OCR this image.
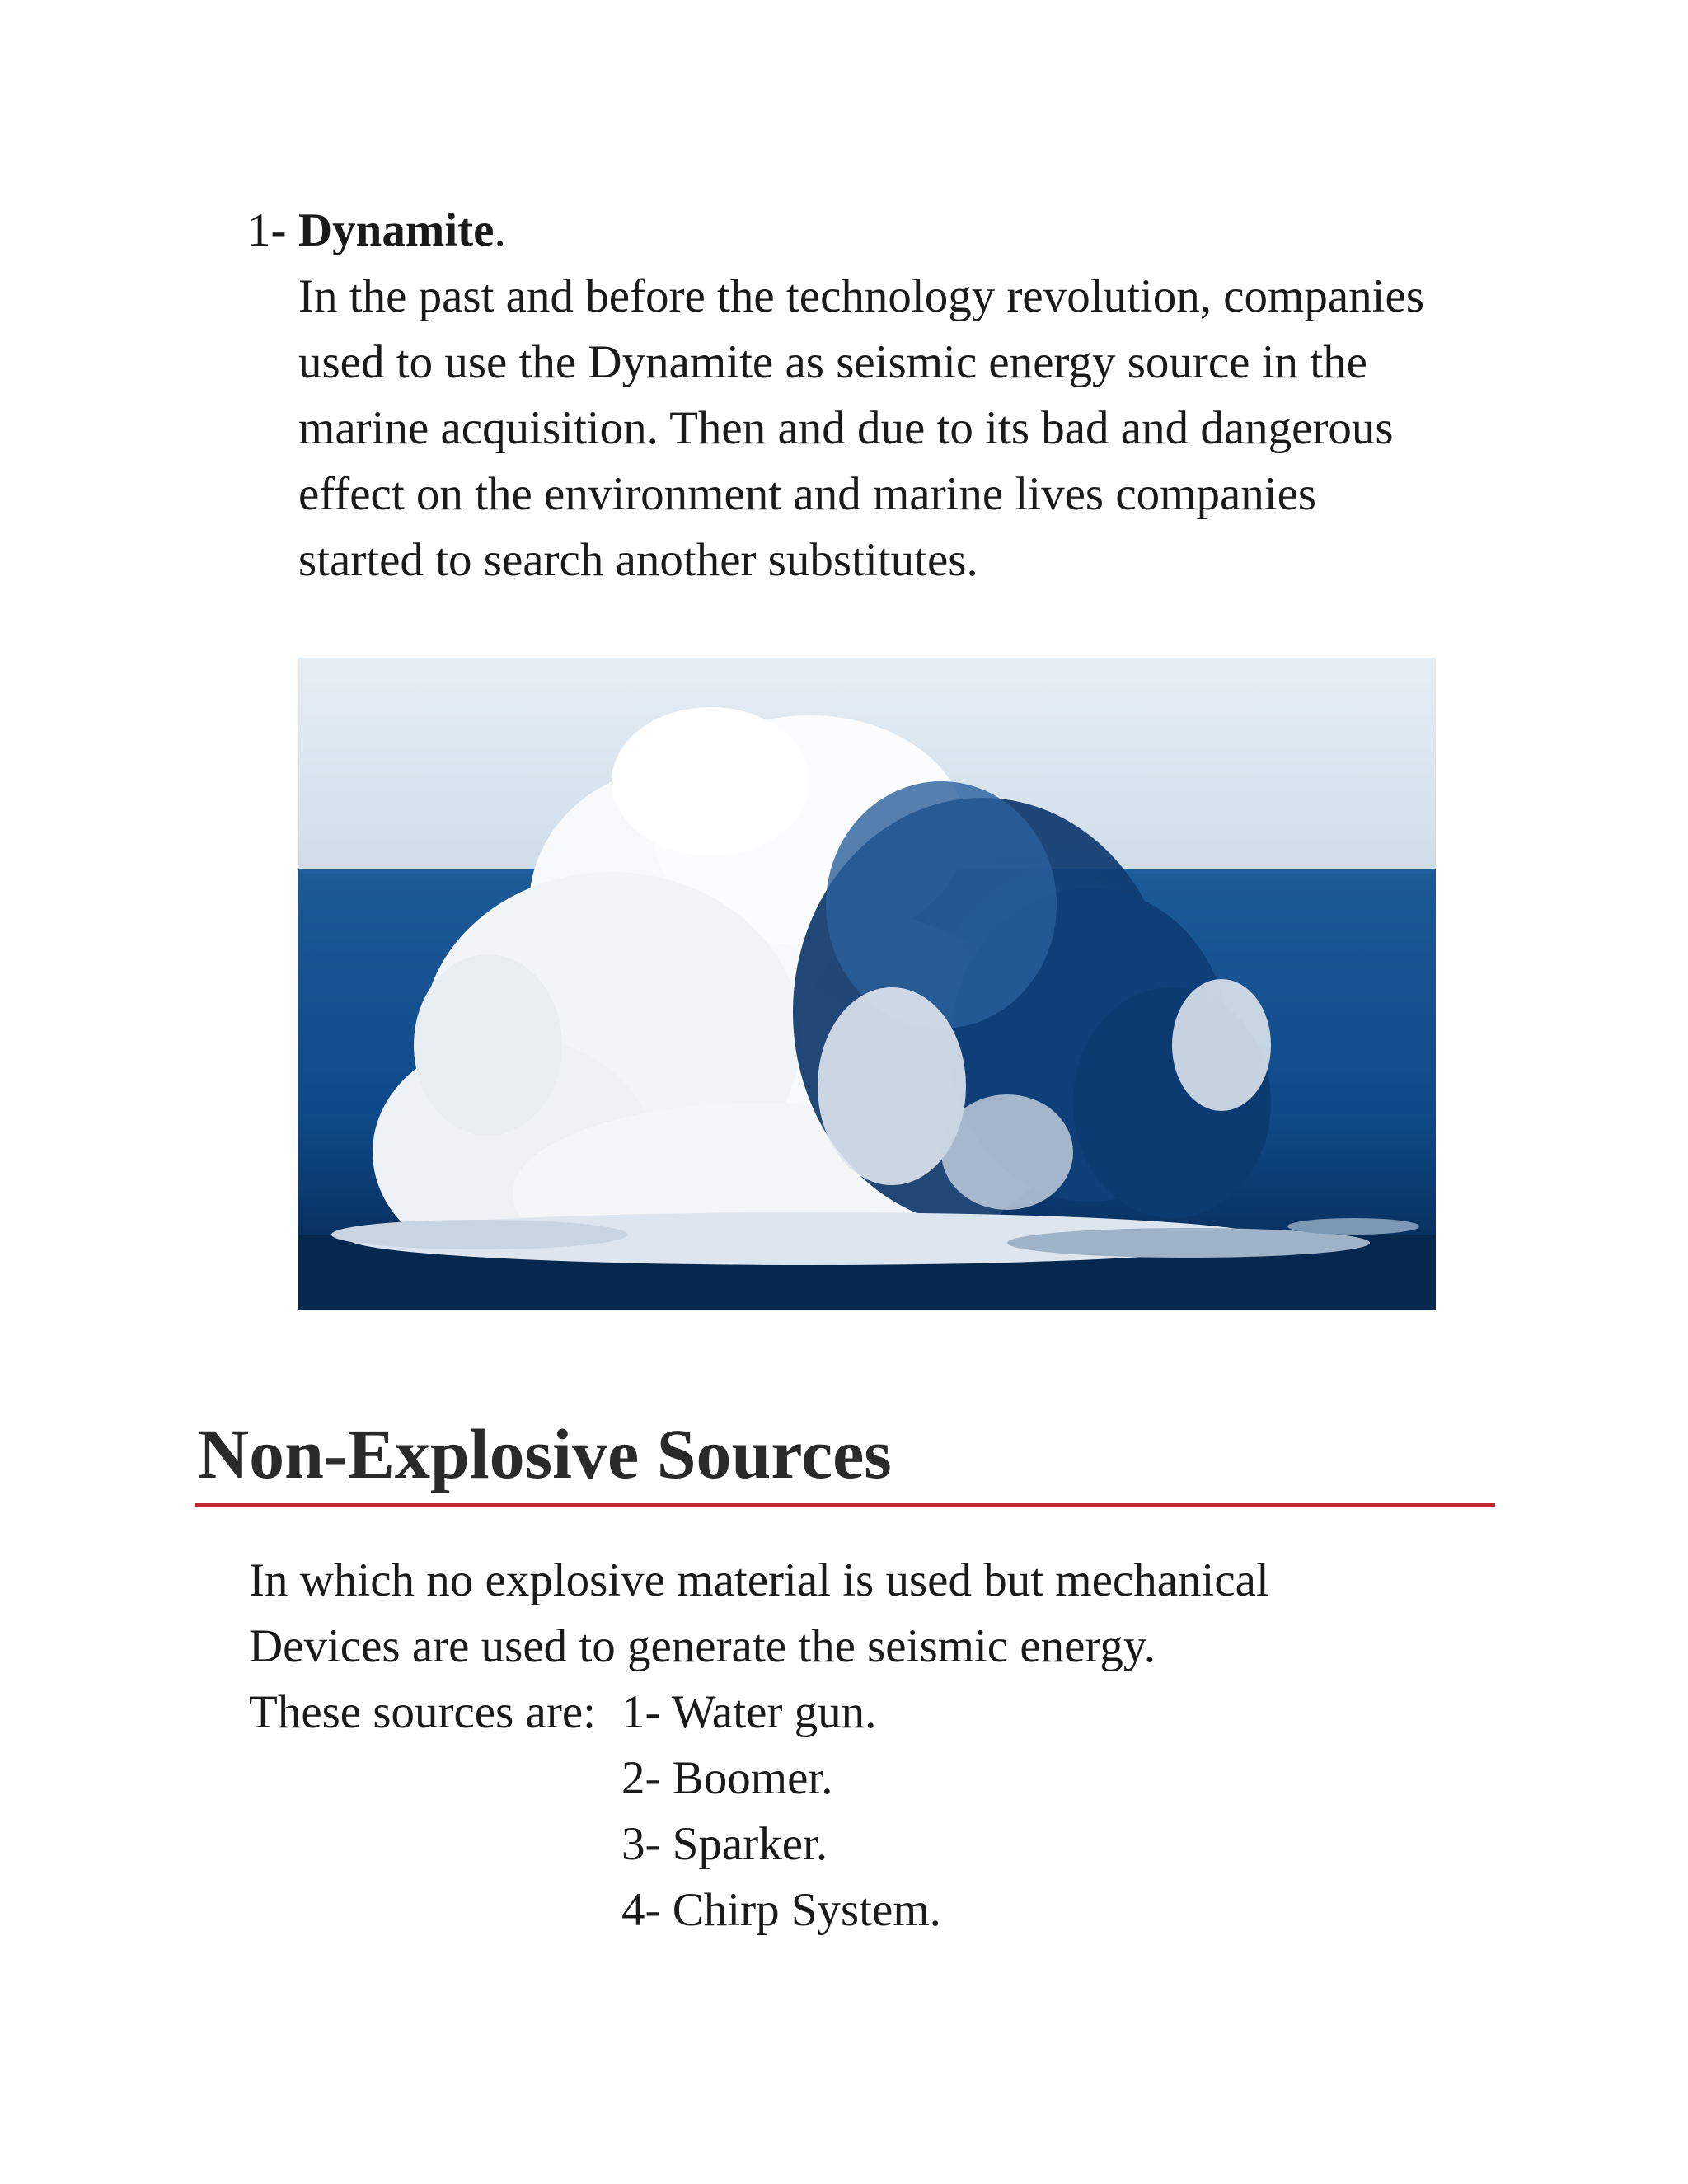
1- Dynamite.

In the past and before the technology revolution, companies

used to use the Dynamite as seismic energy source in the

marine acquisition. Then and due to its bad and dangerous

effect on the environment and marine lives companies

started to search another substitutes.

Non-Explosive Sources

In which no explosive material is used but mechanical

Devices are used to generate the seismic energy.

These sources are: 1- Water gun.
2- Boomer.
3- Sparker.
4- Chirp System.
